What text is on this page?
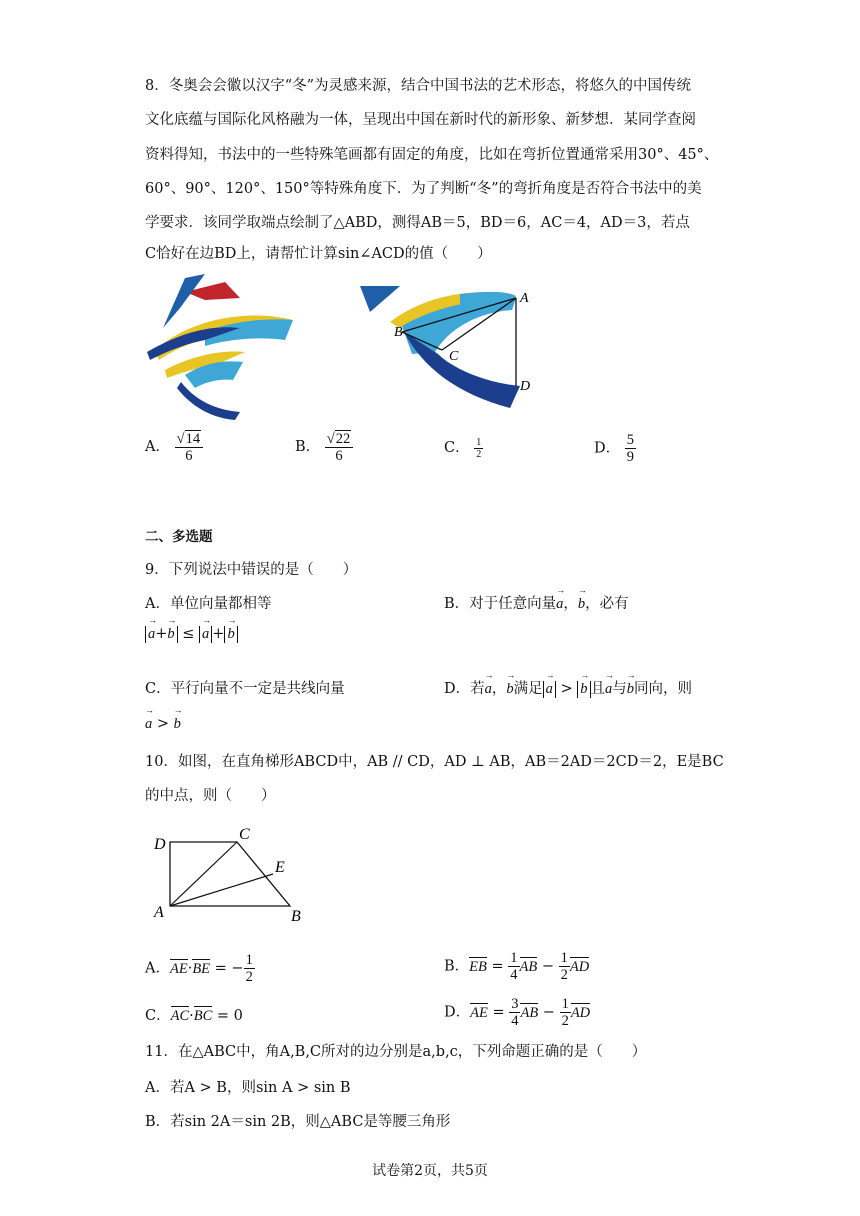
8．冬奥会会徽以汉字“冬”为灵感来源，结合中国书法的艺术形态，将悠久的中国传统
文化底蕴与国际化风格融为一体，呈现出中国在新时代的新形象、新梦想．某同学查阅
资料得知，书法中的一些特殊笔画都有固定的角度，比如在弯折位置通常采用30°、45°、
60°、90°、120°、150°等特殊角度下．为了判断“冬”的弯折角度是否符合书法中的美
学要求．该同学取端点绘制了△ABD，测得AB＝5，BD＝6，AC＝4，AD＝3，若点
C恰好在边BD上，请帮忙计算sin∠ACD的值（　　）
A
B
C
D
A． $\frac{√14}{6}$	B． $\frac{√22}{6}$	C． $\frac{1}{2}$	D． $\frac{5}{9}$
二、多选题
9．下列说法中错误的是（　　）
A．单位向量都相等	B．对于任意向量→ a，→ b，必有
→ a+→ b ≤ → a + → b
C．平行向量不一定是共线向量	D．若→ a，→ b满足 → a > → b 且→ a与→ b同向，则
→ a > → b
10．如图，在直角梯形ABCD中，AB // CD，AD ⊥ AB，AB＝2AD＝2CD＝2，E是BC
的中点，则（　　）
D
C
E
A	B
A．AE·BE = − $\frac{1}{2}$	B．EB = $\frac{1}{4}$ AB − $\frac{1}{2}$ AD
C．AC·BC = 0	D．AE = $\frac{3}{4}$ AB − $\frac{1}{2}$ AD
11．在△ABC中，角A,B,C所对的边分别是a,b,c，下列命题正确的是（　　）
A．若A > B，则sin A > sin B
B．若sin 2A＝sin 2B，则△ABC是等腰三角形
试卷第2页，共5页
